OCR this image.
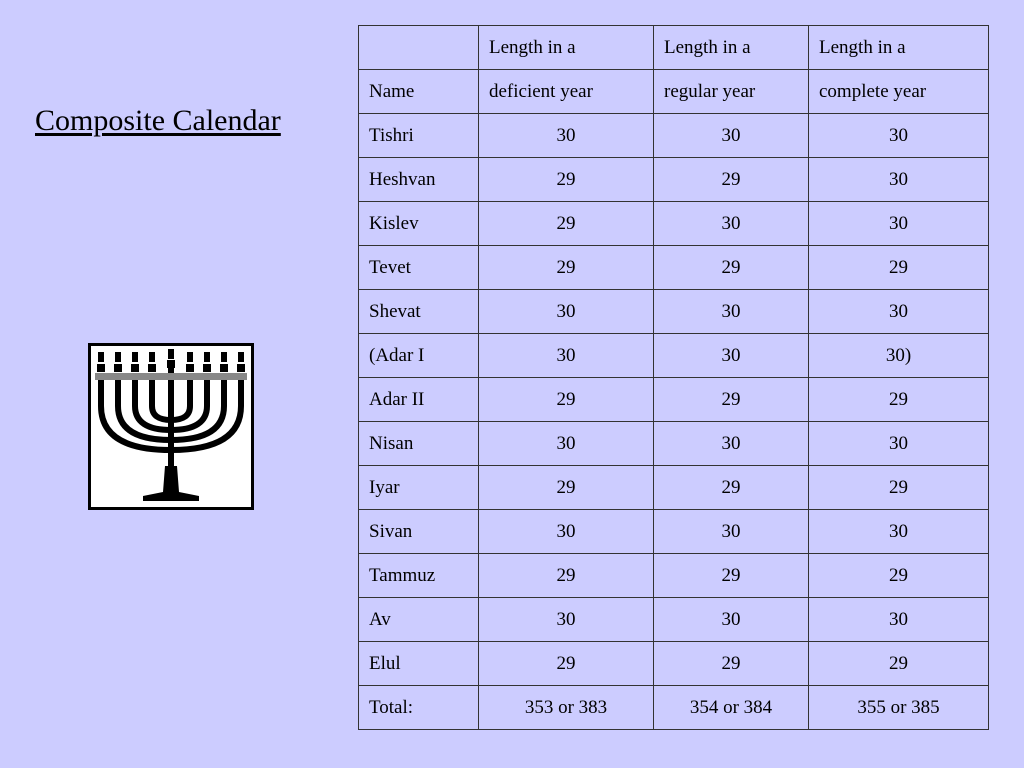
Composite Calendar
	Length in a	Length in a	Length in a
Name	deficient year	regular year	complete year
Tishri	30	30	30
Heshvan	29	29	30
Kislev	29	30	30
Tevet	29	29	29
Shevat	30	30	30
(Adar I	30	30	30)
Adar II	29	29	29
Nisan	30	30	30
Iyar	29	29	29
Sivan	30	30	30
Tammuz	29	29	29
Av	30	30	30
Elul	29	29	29
Total:	353 or 383	354 or 384	355 or 385
